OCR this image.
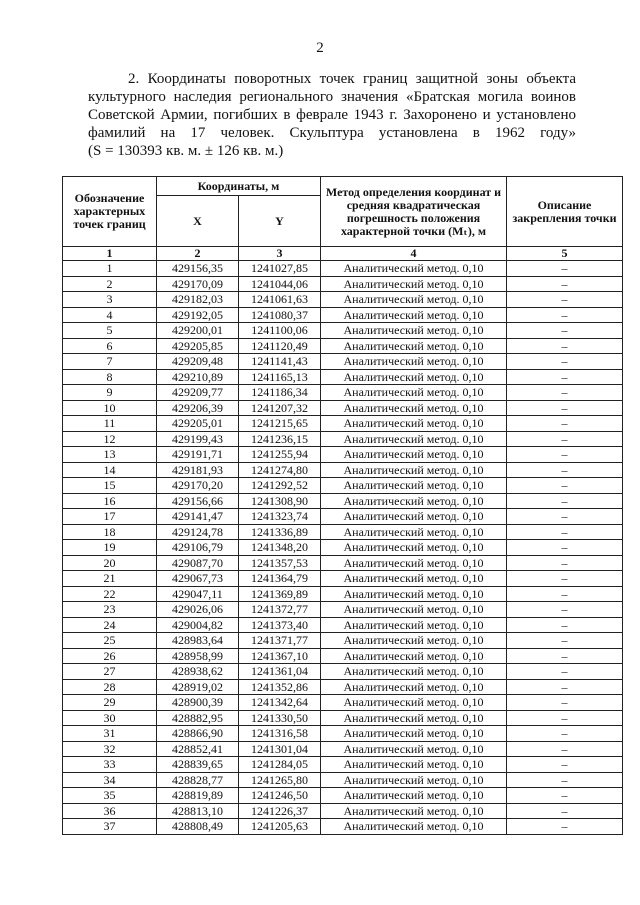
2
2. Координаты поворотных точек границ защитной зоны объекта
культурного наследия регионального значения «Братская могила воинов
Советской Армии, погибших в феврале 1943 г. Захоронено и установлено
фамилий на 17 человек. Скульптура установлена в 1962 году»
(S = 130393 кв. м. ± 126 кв. м.)
Обозначение характерных точек границ	Координаты, м		Метод определения координат и средняя квадратическая погрешность положения характерной точки (Mₜ), м	Описание закрепления точки
	X	Y		
1	2	3	4	5
1	429156,35	1241027,85	Аналитический метод. 0,10	–
2	429170,09	1241044,06	Аналитический метод. 0,10	–
3	429182,03	1241061,63	Аналитический метод. 0,10	–
4	429192,05	1241080,37	Аналитический метод. 0,10	–
5	429200,01	1241100,06	Аналитический метод. 0,10	–
6	429205,85	1241120,49	Аналитический метод. 0,10	–
7	429209,48	1241141,43	Аналитический метод. 0,10	–
8	429210,89	1241165,13	Аналитический метод. 0,10	–
9	429209,77	1241186,34	Аналитический метод. 0,10	–
10	429206,39	1241207,32	Аналитический метод. 0,10	–
11	429205,01	1241215,65	Аналитический метод. 0,10	–
12	429199,43	1241236,15	Аналитический метод. 0,10	–
13	429191,71	1241255,94	Аналитический метод. 0,10	–
14	429181,93	1241274,80	Аналитический метод. 0,10	–
15	429170,20	1241292,52	Аналитический метод. 0,10	–
16	429156,66	1241308,90	Аналитический метод. 0,10	–
17	429141,47	1241323,74	Аналитический метод. 0,10	–
18	429124,78	1241336,89	Аналитический метод. 0,10	–
19	429106,79	1241348,20	Аналитический метод. 0,10	–
20	429087,70	1241357,53	Аналитический метод. 0,10	–
21	429067,73	1241364,79	Аналитический метод. 0,10	–
22	429047,11	1241369,89	Аналитический метод. 0,10	–
23	429026,06	1241372,77	Аналитический метод. 0,10	–
24	429004,82	1241373,40	Аналитический метод. 0,10	–
25	428983,64	1241371,77	Аналитический метод. 0,10	–
26	428958,99	1241367,10	Аналитический метод. 0,10	–
27	428938,62	1241361,04	Аналитический метод. 0,10	–
28	428919,02	1241352,86	Аналитический метод. 0,10	–
29	428900,39	1241342,64	Аналитический метод. 0,10	–
30	428882,95	1241330,50	Аналитический метод. 0,10	–
31	428866,90	1241316,58	Аналитический метод. 0,10	–
32	428852,41	1241301,04	Аналитический метод. 0,10	–
33	428839,65	1241284,05	Аналитический метод. 0,10	–
34	428828,77	1241265,80	Аналитический метод. 0,10	–
35	428819,89	1241246,50	Аналитический метод. 0,10	–
36	428813,10	1241226,37	Аналитический метод. 0,10	–
37	428808,49	1241205,63	Аналитический метод. 0,10	–
